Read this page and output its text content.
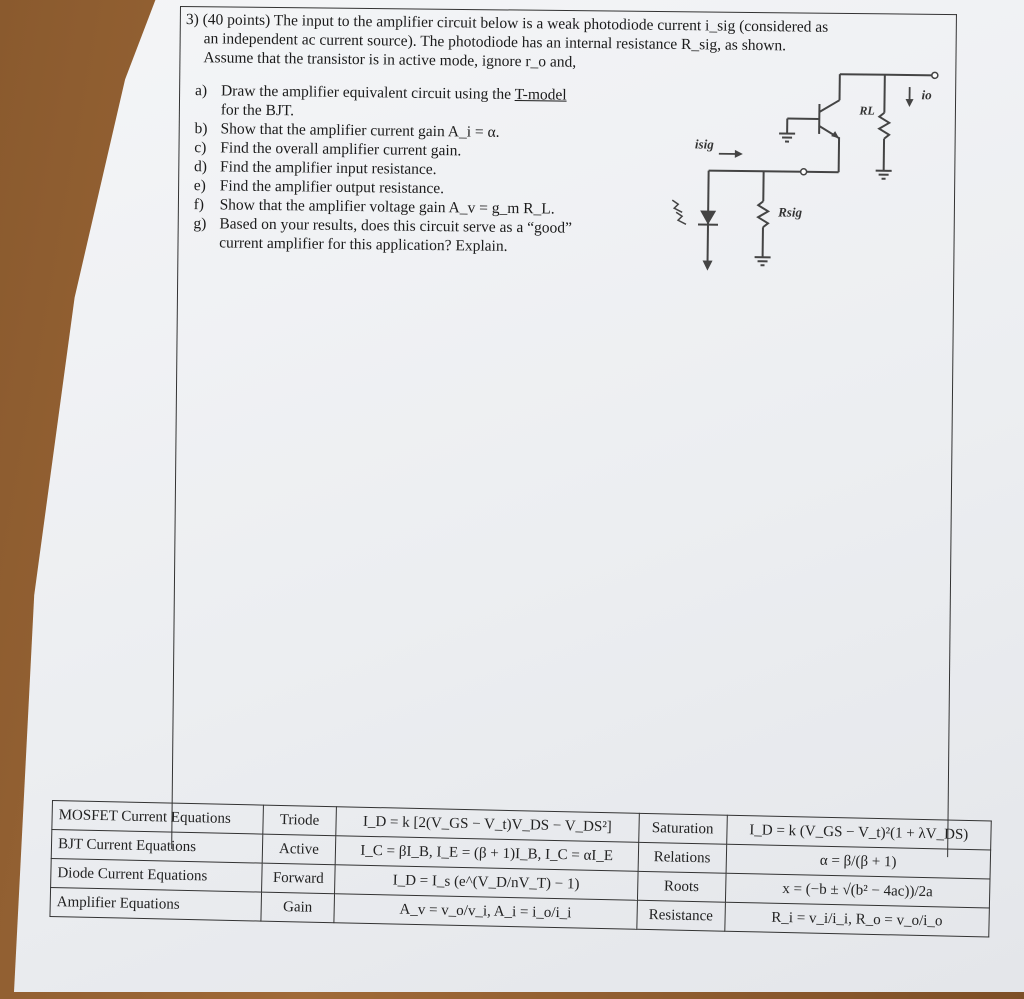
3) (40 points) The input to the amplifier circuit below is a weak photodiode current i_sig (considered as

an independent ac current source). The photodiode has an internal resistance R_sig, as shown.

Assume that the transistor is in active mode, ignore r_o and,

a) Draw the amplifier equivalent circuit using the T-model
for the BJT.
b) Show that the amplifier current gain A_i = α.
c) Find the overall amplifier current gain.
d) Find the amplifier input resistance.
e) Find the amplifier output resistance.
f) Show that the amplifier voltage gain A_v = g_m R_L.
g) Based on your results, does this circuit serve as a “good”
current amplifier for this application? Explain.
isig
Rsig
RL
io
MOSFET Current Equations	Triode	I_D = k [2(V_GS − V_t)V_DS − V_DS²]	Saturation	I_D = k (V_GS − V_t)²(1 + λV_DS)
BJT Current Equations	Active	I_C = βI_B, I_E = (β + 1)I_B, I_C = αI_E	Relations	α = β/(β + 1)
Diode Current Equations	Forward	I_D = I_s (e^(V_D/nV_T) − 1)	Roots	x = (−b ± √(b² − 4ac))/2a
Amplifier Equations	Gain	A_v = v_o/v_i, A_i = i_o/i_i	Resistance	R_i = v_i/i_i, R_o = v_o/i_o
